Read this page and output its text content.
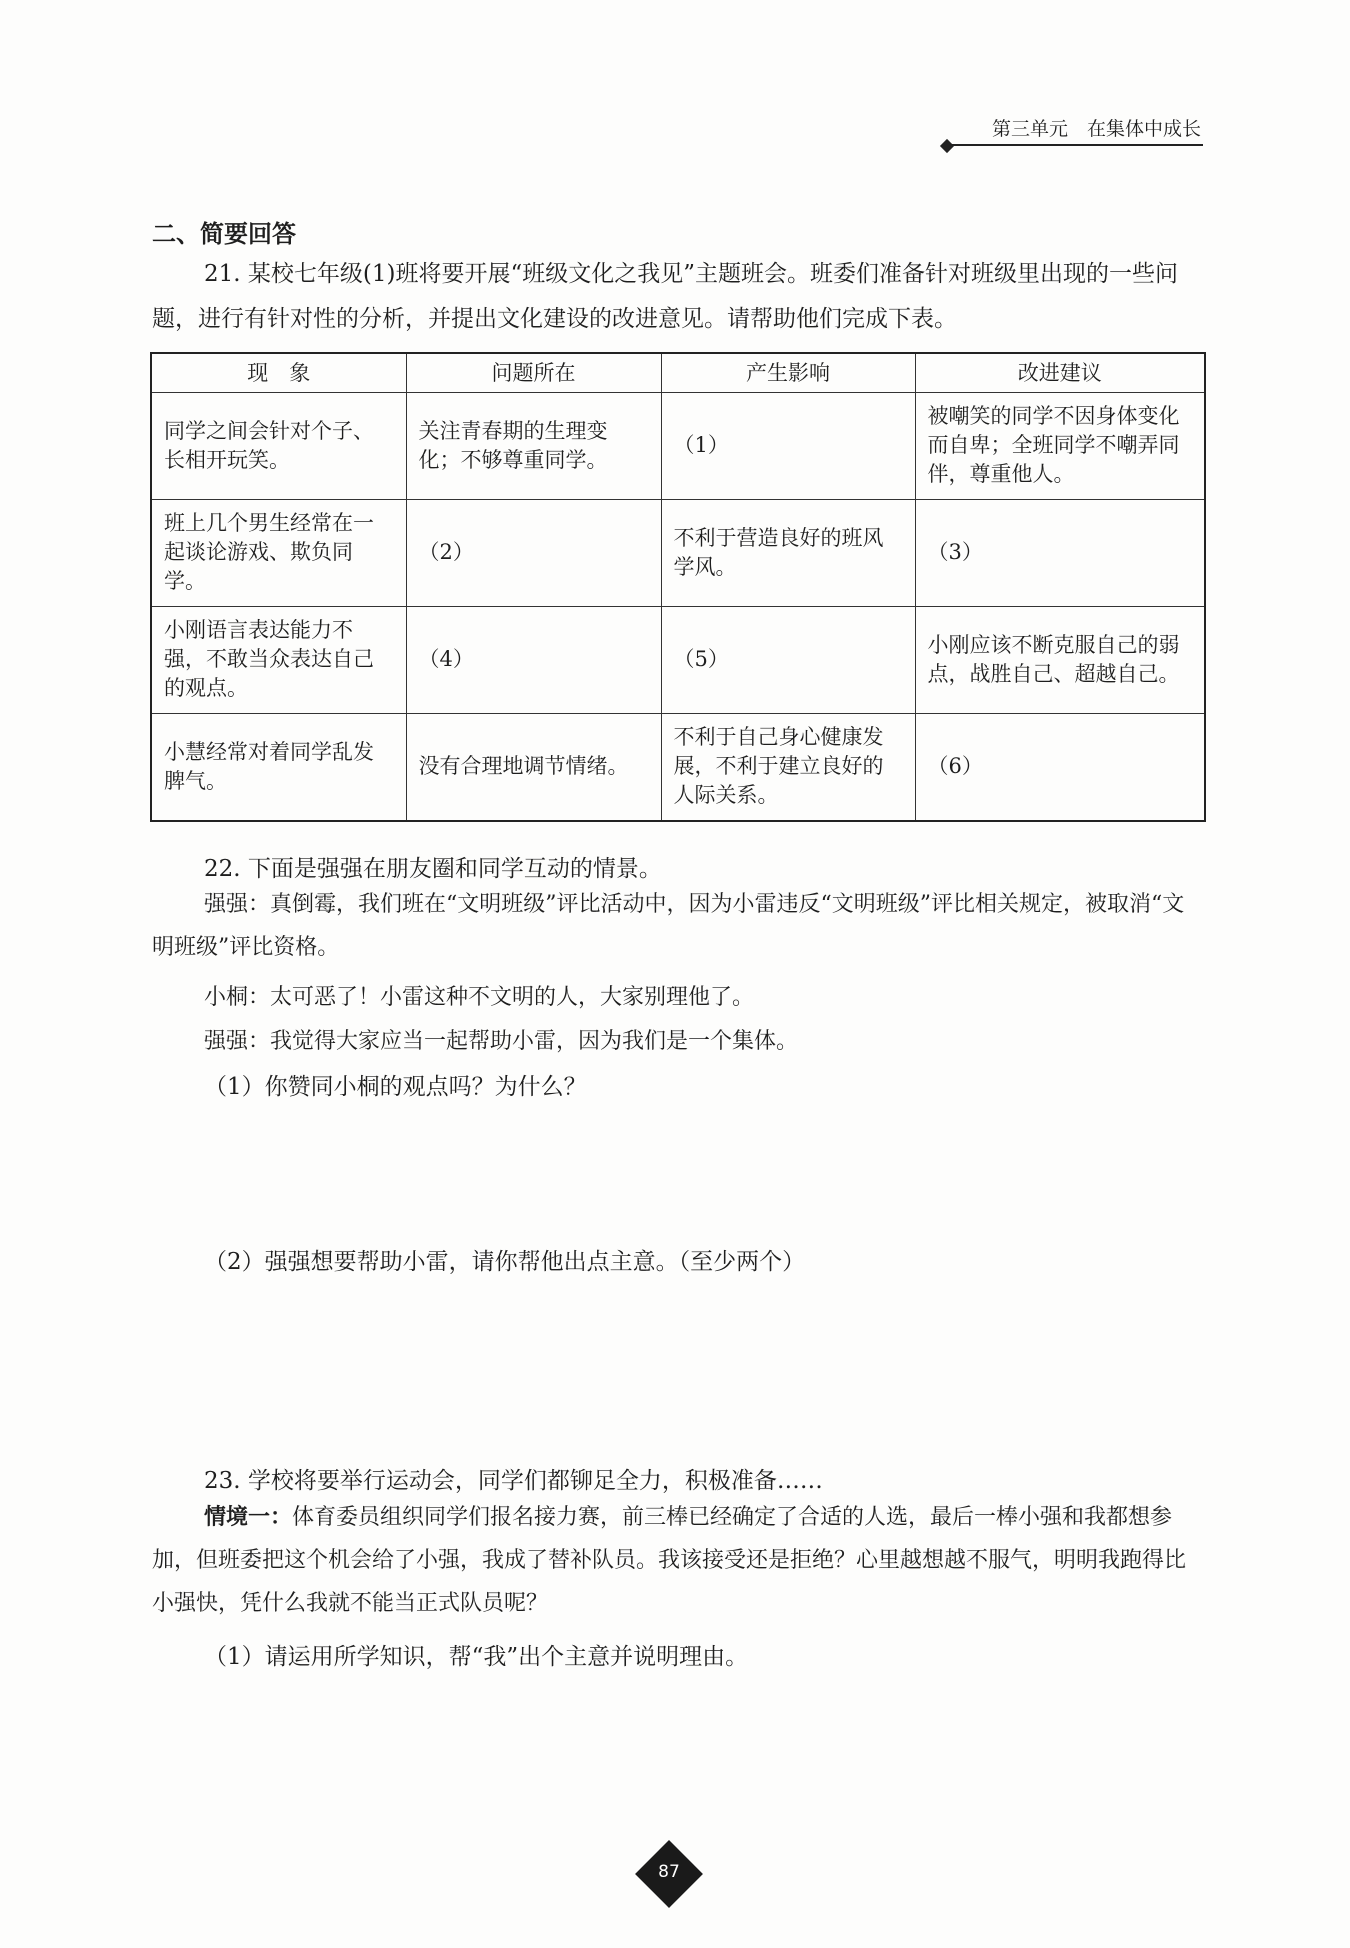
第三单元　在集体中成长
二、简要回答
21. 某校七年级(1)班将要开展“班级文化之我见”主题班会。班委们准备针对班级里出现的一些问题，进行有针对性的分析，并提出文化建设的改进意见。请帮助他们完成下表。
现　象	问题所在	产生影响	改进建议
同学之间会针对个子、长相开玩笑。	关注青春期的生理变化；不够尊重同学。	（1）	被嘲笑的同学不因身体变化而自卑；全班同学不嘲弄同伴，尊重他人。
班上几个男生经常在一起谈论游戏、欺负同学。	（2）	不利于营造良好的班风学风。	（3）
小刚语言表达能力不强，不敢当众表达自己的观点。	（4）	（5）	小刚应该不断克服自己的弱点，战胜自己、超越自己。
小慧经常对着同学乱发脾气。	没有合理地调节情绪。	不利于自己身心健康发展，不利于建立良好的人际关系。	（6）
22. 下面是强强在朋友圈和同学互动的情景。
强强：真倒霉，我们班在“文明班级”评比活动中，因为小雷违反“文明班级”评比相关规定，被取消“文明班级”评比资格。
小桐：太可恶了！小雷这种不文明的人，大家别理他了。
强强：我觉得大家应当一起帮助小雷，因为我们是一个集体。
（1）你赞同小桐的观点吗？为什么？
（2）强强想要帮助小雷，请你帮他出点主意。（至少两个）
23. 学校将要举行运动会，同学们都铆足全力，积极准备……
情境一：体育委员组织同学们报名接力赛，前三棒已经确定了合适的人选，最后一棒小强和我都想参加，但班委把这个机会给了小强，我成了替补队员。我该接受还是拒绝？心里越想越不服气，明明我跑得比小强快，凭什么我就不能当正式队员呢？
（1）请运用所学知识，帮“我”出个主意并说明理由。
87
